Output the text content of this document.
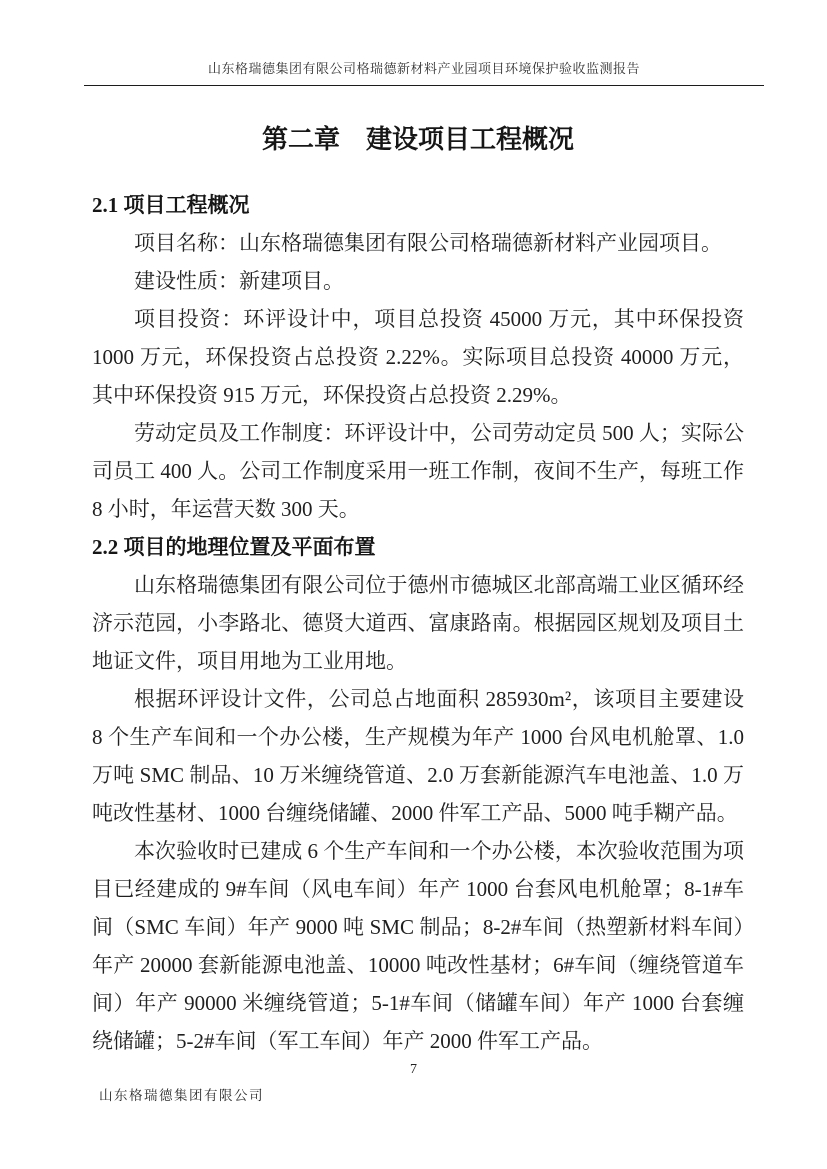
山东格瑞德集团有限公司格瑞德新材料产业园项目环境保护验收监测报告
第二章　建设项目工程概况
2.1 项目工程概况

项目名称：山东格瑞德集团有限公司格瑞德新材料产业园项目。

建设性质：新建项目。

项目投资：环评设计中，项目总投资 45000 万元，其中环保投资 1000 万元，环保投资占总投资 2.22%。实际项目总投资 40000 万元，其中环保投资 915 万元，环保投资占总投资 2.29%。

劳动定员及工作制度：环评设计中，公司劳动定员 500 人；实际公司员工 400 人。公司工作制度采用一班工作制，夜间不生产，每班工作 8 小时，年运营天数 300 天。

2.2 项目的地理位置及平面布置

山东格瑞德集团有限公司位于德州市德城区北部高端工业区循环经济示范园，小李路北、德贤大道西、富康路南。根据园区规划及项目土地证文件，项目用地为工业用地。

根据环评设计文件，公司总占地面积 285930m²，该项目主要建设 8 个生产车间和一个办公楼，生产规模为年产 1000 台风电机舱罩、1.0 万吨 SMC 制品、10 万米缠绕管道、2.0 万套新能源汽车电池盖、1.0 万吨改性基材、1000 台缠绕储罐、2000 件军工产品、5000 吨手糊产品。

本次验收时已建成 6 个生产车间和一个办公楼，本次验收范围为项目已经建成的 9#车间（风电车间）年产 1000 台套风电机舱罩；8-1#车间（SMC 车间）年产 9000 吨 SMC 制品；8-2#车间（热塑新材料车间）年产 20000 套新能源电池盖、10000 吨改性基材；6#车间（缠绕管道车间）年产 90000 米缠绕管道；5-1#车间（储罐车间）年产 1000 台套缠绕储罐；5-2#车间（军工车间）年产 2000 件军工产品。

7
山东格瑞德集团有限公司
